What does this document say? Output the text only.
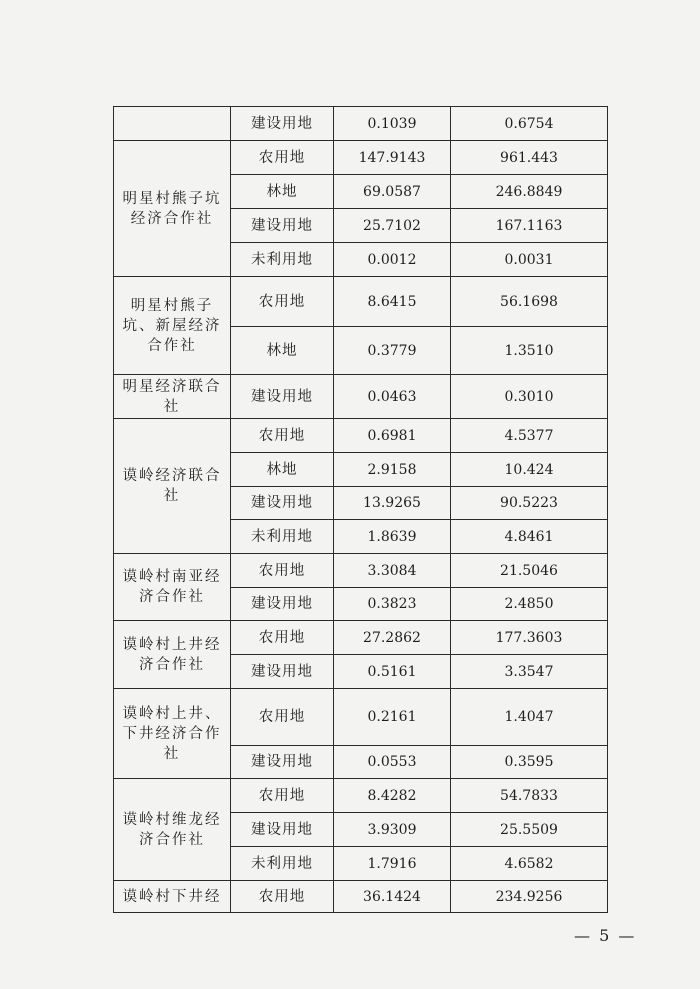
	建设用地	0.1039	0.6754
明星村熊子坑经济合作社	农用地	147.9143	961.443
	林地	69.0587	246.8849
	建设用地	25.7102	167.1163
	未利用地	0.0012	0.0031
明星村熊子坑、新屋经济合作社	农用地	8.6415	56.1698
	林地	0.3779	1.3510
明星经济联合社	建设用地	0.0463	0.3010
谟岭经济联合社	农用地	0.6981	4.5377
	林地	2.9158	10.424
	建设用地	13.9265	90.5223
	未利用地	1.8639	4.8461
谟岭村南亚经济合作社	农用地	3.3084	21.5046
	建设用地	0.3823	2.4850
谟岭村上井经济合作社	农用地	27.2862	177.3603
	建设用地	0.5161	3.3547
谟岭村上井、下井经济合作社	农用地	0.2161	1.4047
	建设用地	0.0553	0.3595
谟岭村维龙经济合作社	农用地	8.4282	54.7833
	建设用地	3.9309	25.5509
	未利用地	1.7916	4.6582
谟岭村下井经	农用地	36.1424	234.9256
— 5 —
